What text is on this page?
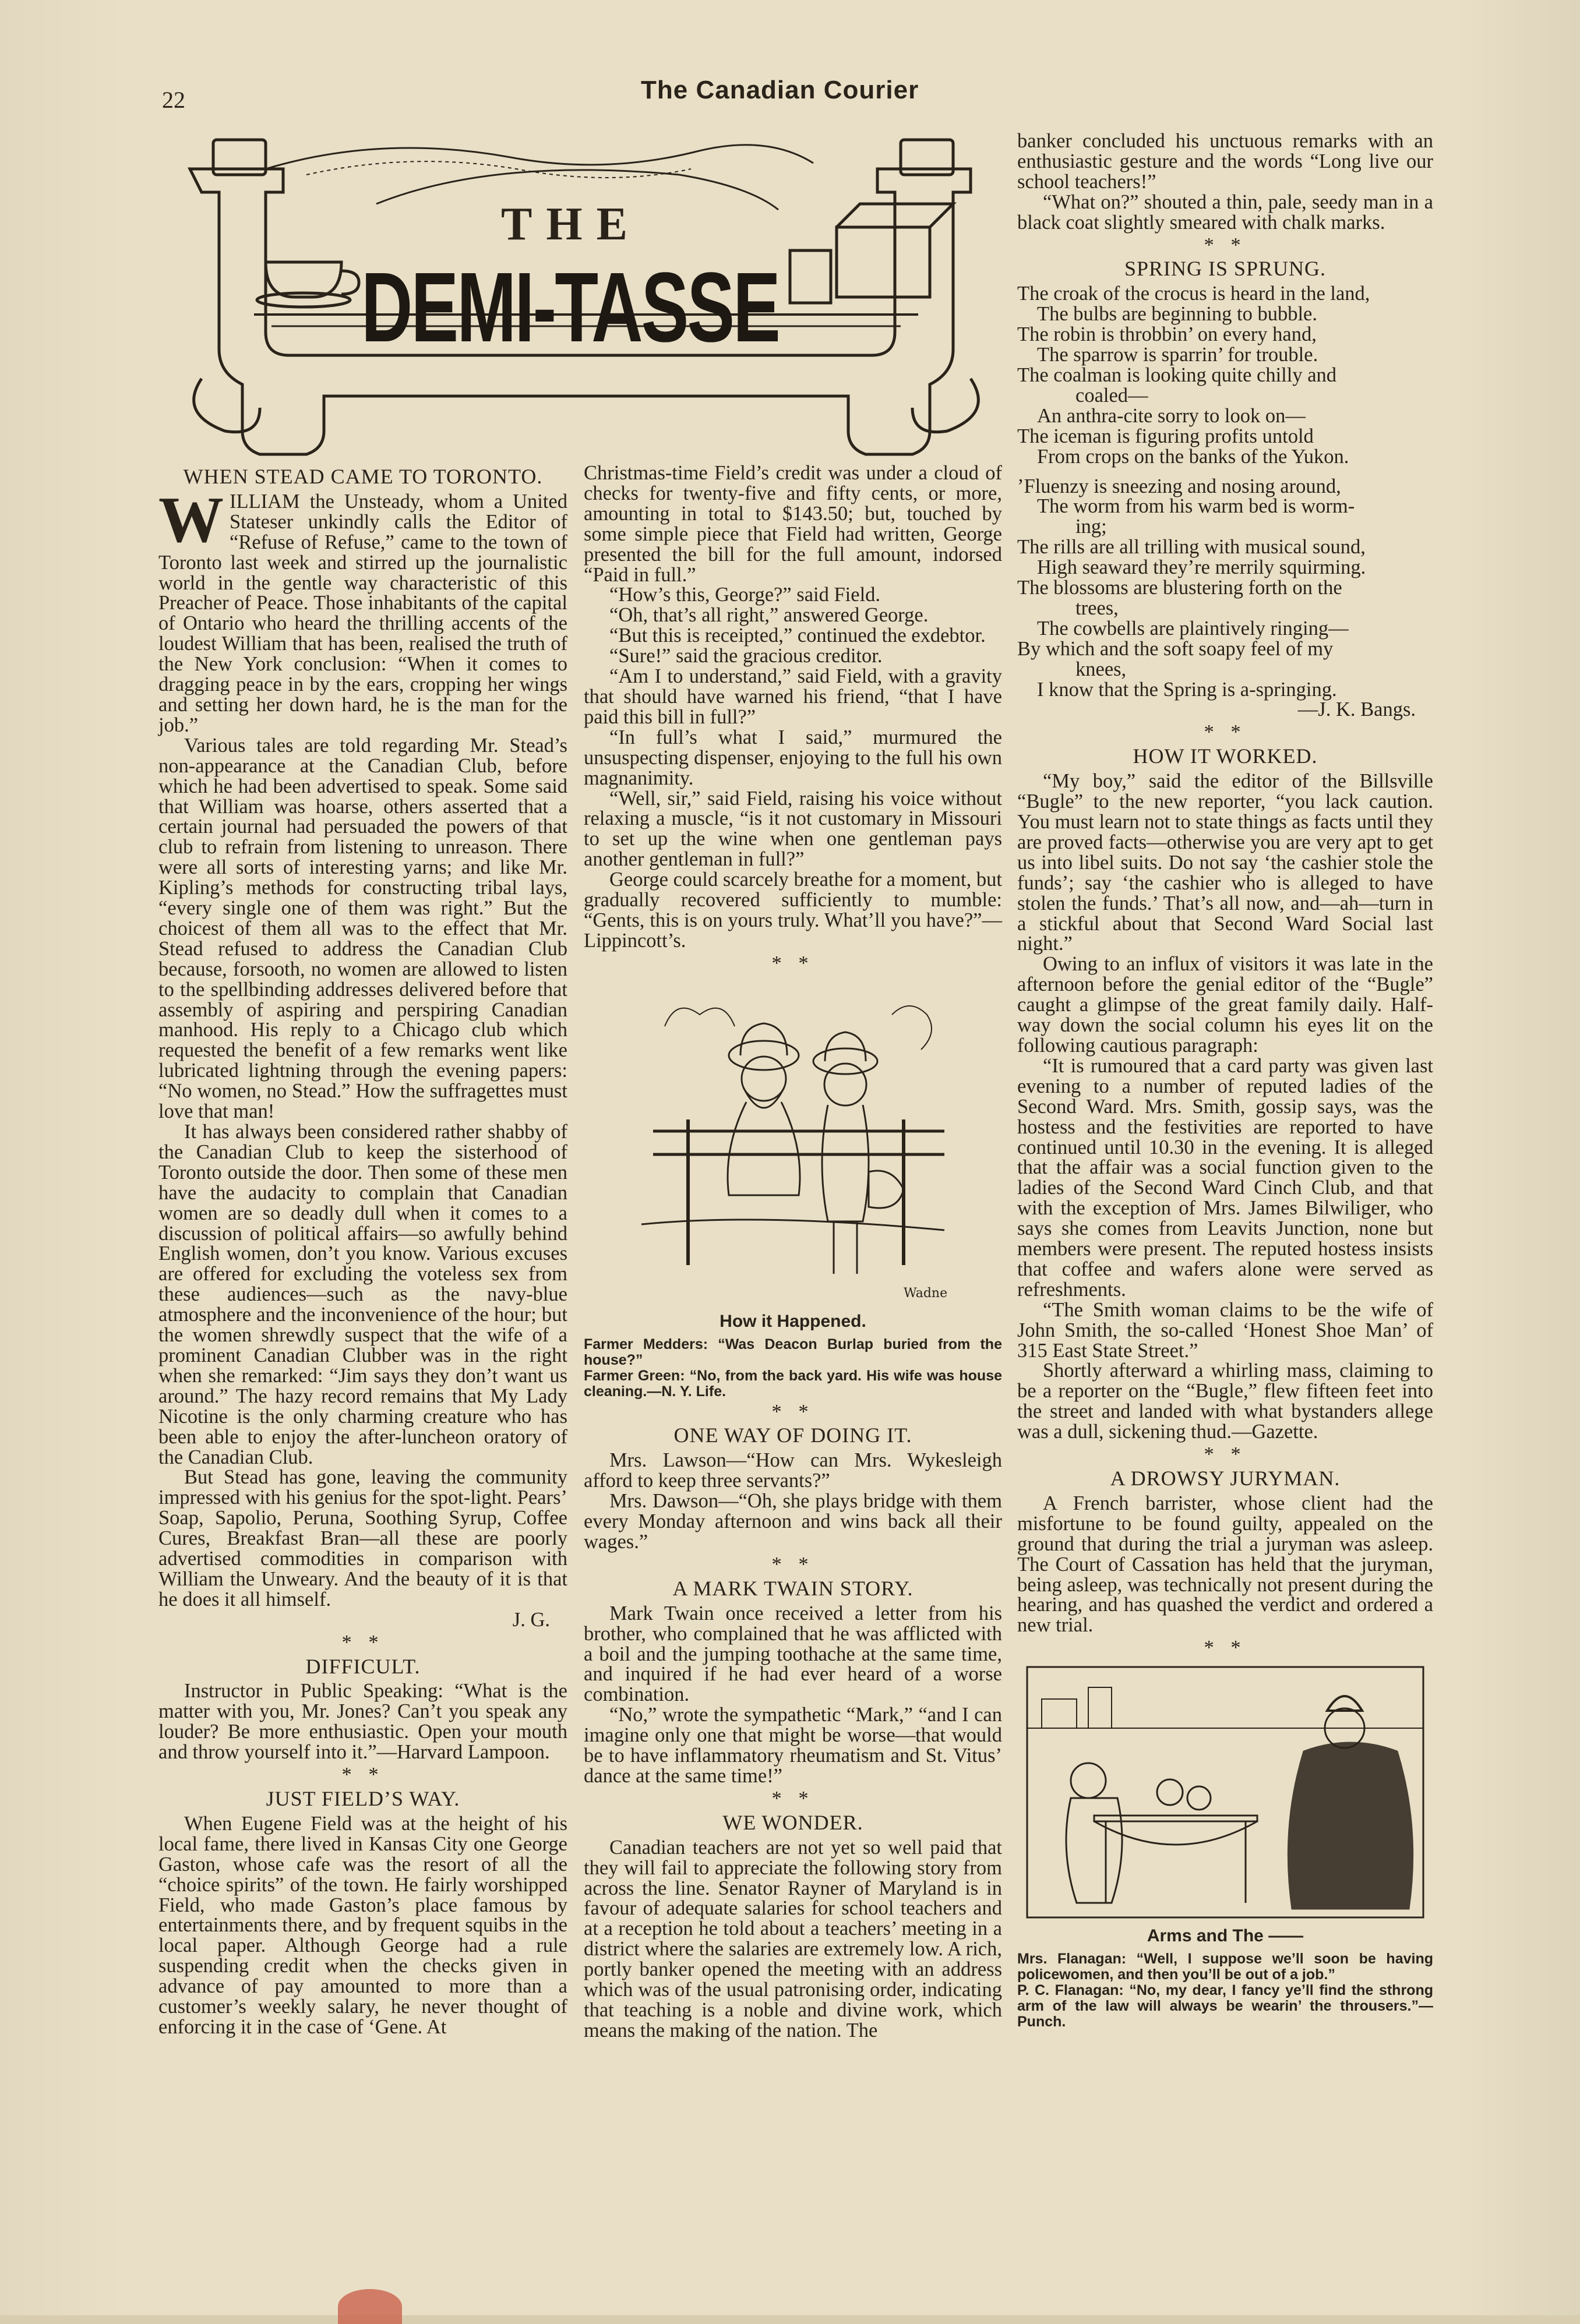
22	The Canadian Courier
THE
DEMI-TASSE
WHEN STEAD CAME TO TORONTO.

WILLIAM the Unsteady, whom a United Stateser unkindly calls the Editor of “Refuse of Refuse,” came to the town of Toronto last week and stirred up the journalistic world in the gentle way characteristic of this Preacher of Peace. Those inhabitants of the capital of Ontario who heard the thrilling accents of the loudest William that has been, realised the truth of the New York conclusion: “When it comes to dragging peace in by the ears, cropping her wings and setting her down hard, he is the man for the job.”

Various tales are told regarding Mr. Stead’s non-appearance at the Canadian Club, before which he had been advertised to speak. Some said that William was hoarse, others asserted that a certain journal had persuaded the powers of that club to refrain from listening to unreason. There were all sorts of interesting yarns; and like Mr. Kipling’s methods for constructing tribal lays, “every single one of them was right.” But the choicest of them all was to the effect that Mr. Stead refused to address the Canadian Club because, forsooth, no women are allowed to listen to the spellbinding addresses delivered before that assembly of aspiring and perspiring Canadian manhood. His reply to a Chicago club which requested the benefit of a few remarks went like lubricated lightning through the evening papers: “No women, no Stead.” How the suffragettes must love that man!

It has always been considered rather shabby of the Canadian Club to keep the sisterhood of Toronto outside the door. Then some of these men have the audacity to complain that Canadian women are so deadly dull when it comes to a discussion of political affairs—so awfully behind English women, don’t you know. Various excuses are offered for excluding the voteless sex from these audiences—such as the navy-blue atmosphere and the inconvenience of the hour; but the women shrewdly suspect that the wife of a prominent Canadian Clubber was in the right when she remarked: “Jim says they don’t want us around.” The hazy record remains that My Lady Nicotine is the only charming creature who has been able to enjoy the after-luncheon oratory of the Canadian Club.

But Stead has gone, leaving the community impressed with his genius for the spot-light. Pears’ Soap, Sapolio, Peruna, Soothing Syrup, Coffee Cures, Breakfast Bran—all these are poorly advertised commodities in comparison with William the Unweary. And the beauty of it is that he does it all himself.

J. G.

* *
DIFFICULT.

Instructor in Public Speaking: “What is the matter with you, Mr. Jones? Can’t you speak any louder? Be more enthusiastic. Open your mouth and throw yourself into it.”—Harvard Lampoon.

* *
JUST FIELD’S WAY.

When Eugene Field was at the height of his local fame, there lived in Kansas City one George Gaston, whose cafe was the resort of all the “choice spirits” of the town. He fairly worshipped Field, who made Gaston’s place famous by entertainments there, and by frequent squibs in the local paper. Although George had a rule suspending credit when the checks given in advance of pay amounted to more than a customer’s weekly salary, he never thought of enforcing it in the case of ‘Gene. At

Christmas-time Field’s credit was under a cloud of checks for twenty-five and fifty cents, or more, amounting in total to $143.50; but, touched by some simple piece that Field had written, George presented the bill for the full amount, indorsed “Paid in full.”

“How’s this, George?” said Field.

“Oh, that’s all right,” answered George.

“But this is receipted,” continued the exdebtor.

“Sure!” said the gracious creditor.

“Am I to understand,” said Field, with a gravity that should have warned his friend, “that I have paid this bill in full?”

“In full’s what I said,” murmured the unsuspecting dispenser, enjoying to the full his own magnanimity.

“Well, sir,” said Field, raising his voice without relaxing a muscle, “is it not customary in Missouri to set up the wine when one gentleman pays another gentleman in full?”

George could scarcely breathe for a moment, but gradually recovered sufficiently to mumble: “Gents, this is on yours truly. What’ll you have?”—Lippincott’s.

* *
Wadne
How it Happened.

Farmer Medders: “Was Deacon Burlap buried from the house?”

Farmer Green: “No, from the back yard. His wife was house cleaning.—N. Y. Life.

* *
ONE WAY OF DOING IT.

Mrs. Lawson—“How can Mrs. Wykesleigh afford to keep three servants?”

Mrs. Dawson—“Oh, she plays bridge with them every Monday afternoon and wins back all their wages.”

* *
A MARK TWAIN STORY.

Mark Twain once received a letter from his brother, who complained that he was afflicted with a boil and the jumping toothache at the same time, and inquired if he had ever heard of a worse combination.

“No,” wrote the sympathetic “Mark,” “and I can imagine only one that might be worse—that would be to have inflammatory rheumatism and St. Vitus’ dance at the same time!”

* *
WE WONDER.

Canadian teachers are not yet so well paid that they will fail to appreciate the following story from across the line. Senator Rayner of Maryland is in favour of adequate salaries for school teachers and at a reception he told about a teachers’ meeting in a district where the salaries are extremely low. A rich, portly banker opened the meeting with an address which was of the usual patronising order, indicating that teaching is a noble and divine work, which means the making of the nation. The

banker concluded his unctuous remarks with an enthusiastic gesture and the words “Long live our school teachers!”

“What on?” shouted a thin, pale, seedy man in a black coat slightly smeared with chalk marks.

* *
SPRING IS SPRUNG.
The croak of the crocus is heard in the land,
The bulbs are beginning to bubble.
The robin is throbbin’ on every hand,
The sparrow is sparrin’ for trouble.
The coalman is looking quite chilly and
coaled—
An anthra-cite sorry to look on—
The iceman is figuring profits untold
From crops on the banks of the Yukon.
’Fluenzy is sneezing and nosing around,
The worm from his warm bed is worm-
ing;
The rills are all trilling with musical sound,
High seaward they’re merrily squirming.
The blossoms are blustering forth on the
trees,
The cowbells are plaintively ringing—
By which and the soft soapy feel of my
knees,
I know that the Spring is a-springing.

—J. K. Bangs.

* *
HOW IT WORKED.

“My boy,” said the editor of the Billsville “Bugle” to the new reporter, “you lack caution. You must learn not to state things as facts until they are proved facts—otherwise you are very apt to get us into libel suits. Do not say ‘the cashier stole the funds’; say ‘the cashier who is alleged to have stolen the funds.’ That’s all now, and—ah—turn in a stickful about that Second Ward Social last night.”

Owing to an influx of visitors it was late in the afternoon before the genial editor of the “Bugle” caught a glimpse of the great family daily. Half-way down the social column his eyes lit on the following cautious paragraph:

“It is rumoured that a card party was given last evening to a number of reputed ladies of the Second Ward. Mrs. Smith, gossip says, was the hostess and the festivities are reported to have continued until 10.30 in the evening. It is alleged that the affair was a social function given to the ladies of the Second Ward Cinch Club, and that with the exception of Mrs. James Bilwiliger, who says she comes from Leavits Junction, none but members were present. The reputed hostess insists that coffee and wafers alone were served as refreshments.

“The Smith woman claims to be the wife of John Smith, the so-called ‘Honest Shoe Man’ of 315 East State Street.”

Shortly afterward a whirling mass, claiming to be a reporter on the “Bugle,” flew fifteen feet into the street and landed with what bystanders allege was a dull, sickening thud.—Gazette.

* *
A DROWSY JURYMAN.

A French barrister, whose client had the misfortune to be found guilty, appealed on the ground that during the trial a juryman was asleep. The Court of Cassation has held that the juryman, being asleep, was technically not present during the hearing, and has quashed the verdict and ordered a new trial.

* *
Arms and The ——

Mrs. Flanagan: “Well, I suppose we’ll soon be having policewomen, and then you’ll be out of a job.”

P. C. Flanagan: “No, my dear, I fancy ye’ll find the sthrong arm of the law will always be wearin’ the throusers.”—Punch.
